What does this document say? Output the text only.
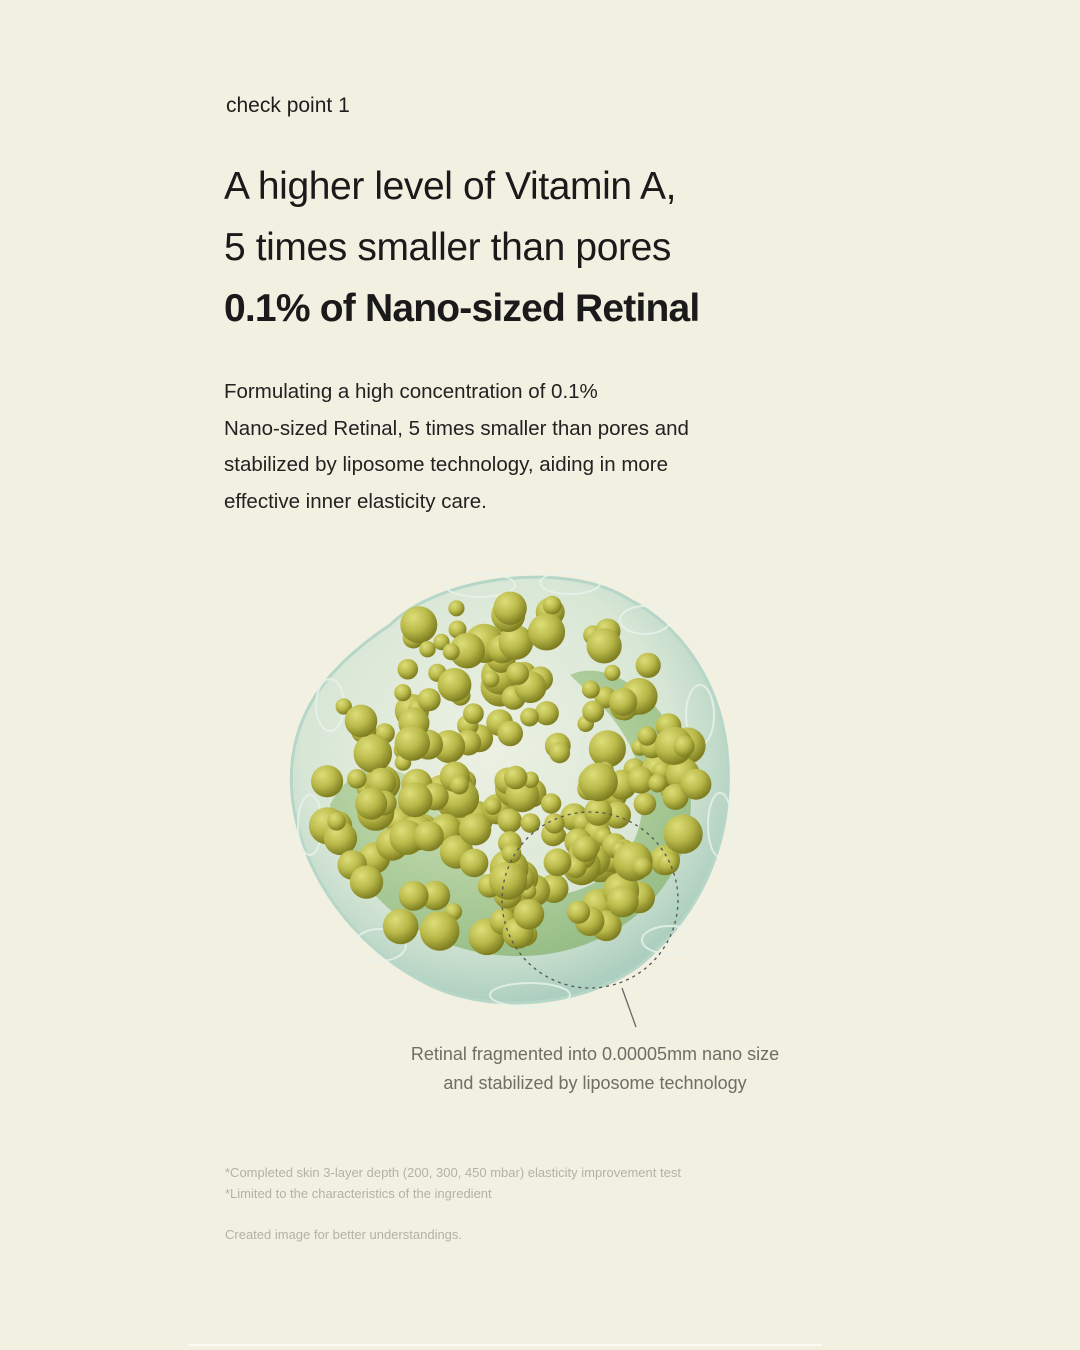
check point 1
A higher level of Vitamin A,
5 times smaller than pores
0.1% of Nano-sized Retinal
Formulating a high concentration of 0.1%
Nano-sized Retinal, 5 times smaller than pores and
stabilized by liposome technology, aiding in more
effective inner elasticity care.
Retinal fragmented into 0.00005mm nano size
and stabilized by liposome technology
*Completed skin 3-layer depth (200, 300, 450 mbar) elasticity improvement test
*Limited to the characteristics of the ingredient
Created image for better understandings.
